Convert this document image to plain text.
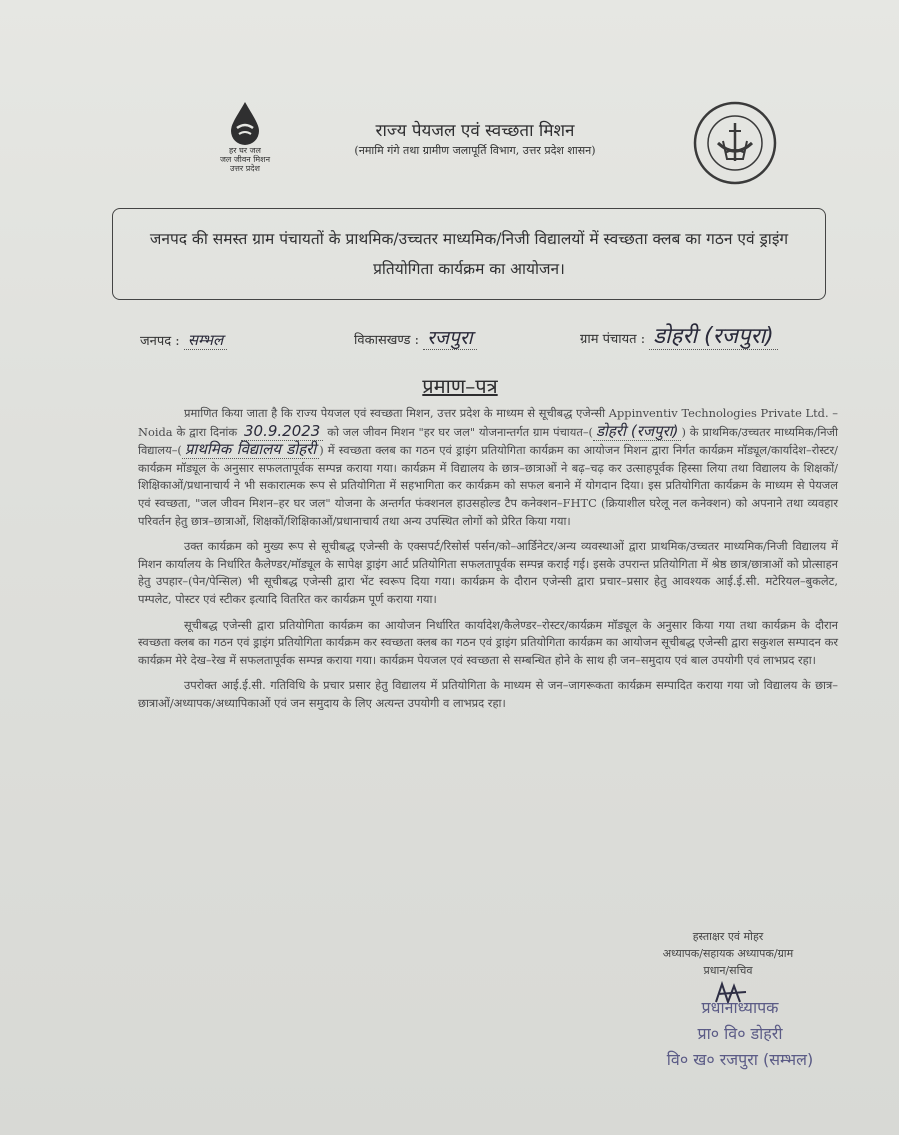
हर घर जल
जल जीवन मिशन
उत्तर प्रदेश
राज्य पेयजल एवं स्वच्छता मिशन
(नमामि गंगे तथा ग्रामीण जलापूर्ति विभाग, उत्तर प्रदेश शासन)
जनपद की समस्त ग्राम पंचायतों के प्राथमिक/उच्चतर माध्यमिक/निजी विद्यालयों में स्वच्छता क्लब का गठन एवं ड्राइंग प्रतियोगिता कार्यक्रम का आयोजन।
जनपद : सम्भल	विकासखण्ड : रजपुरा	ग्राम पंचायत : डोहरी (रजपुरा)
प्रमाण–पत्र

प्रमाणित किया जाता है कि राज्य पेयजल एवं स्वच्छता मिशन, उत्तर प्रदेश के माध्यम से सूचीबद्ध एजेन्सी Appinventiv Technologies Private Ltd. – Noida के द्वारा दिनांक 30.9.2023 को जल जीवन मिशन "हर घर जल" योजनान्तर्गत ग्राम पंचायत–( डोहरी (रजपुरा) ) के प्राथमिक/उच्चतर माध्यमिक/निजी विद्यालय–( प्राथमिक विद्यालय डोहरी ) में स्वच्छता क्लब का गठन एवं ड्राइंग प्रतियोगिता कार्यक्रम का आयोजन मिशन द्वारा निर्गत कार्यक्रम मॉड्यूल/कार्यादेश–रोस्टर/कार्यक्रम मॉड्यूल के अनुसार सफलतापूर्वक सम्पन्न कराया गया। कार्यक्रम में विद्यालय के छात्र–छात्राओं ने बढ़–चढ़ कर उत्साहपूर्वक हिस्सा लिया तथा विद्यालय के शिक्षकों/शिक्षिकाओं/प्रधानाचार्य ने भी सकारात्मक रूप से प्रतियोगिता में सहभागिता कर कार्यक्रम को सफल बनाने में योगदान दिया। इस प्रतियोगिता कार्यक्रम के माध्यम से पेयजल एवं स्वच्छता, "जल जीवन मिशन–हर घर जल" योजना के अन्तर्गत फंक्शनल हाउसहोल्ड टैप कनेक्शन–FHTC (क्रियाशील घरेलू नल कनेक्शन) को अपनाने तथा व्यवहार परिवर्तन हेतु छात्र–छात्राओं, शिक्षकों/शिक्षिकाओं/प्रधानाचार्य तथा अन्य उपस्थित लोगों को प्रेरित किया गया।

उक्त कार्यक्रम को मुख्य रूप से सूचीबद्ध एजेन्सी के एक्सपर्ट/रिसोर्स पर्सन/को–आर्डिनेटर/अन्य व्यवस्थाओं द्वारा प्राथमिक/उच्चतर माध्यमिक/निजी विद्यालय में मिशन कार्यालय के निर्धारित कैलेण्डर/मॉड्यूल के सापेक्ष ड्राइंग आर्ट प्रतियोगिता सफलतापूर्वक सम्पन्न कराई गई। इसके उपरान्त प्रतियोगिता में श्रेष्ठ छात्र/छात्राओं को प्रोत्साहन हेतु उपहार–(पेन/पेन्सिल) भी सूचीबद्ध एजेन्सी द्वारा भेंट स्वरूप दिया गया। कार्यक्रम के दौरान एजेन्सी द्वारा प्रचार–प्रसार हेतु आवश्यक आई.ई.सी. मटेरियल–बुकलेट, पम्पलेट, पोस्टर एवं स्टीकर इत्यादि वितरित कर कार्यक्रम पूर्ण कराया गया।

सूचीबद्ध एजेन्सी द्वारा प्रतियोगिता कार्यक्रम का आयोजन निर्धारित कार्यादेश/कैलेण्डर–रोस्टर/कार्यक्रम मॉड्यूल के अनुसार किया गया तथा कार्यक्रम के दौरान स्वच्छता क्लब का गठन एवं ड्राइंग प्रतियोगिता कार्यक्रम कर स्वच्छता क्लब का गठन एवं ड्राइंग प्रतियोगिता कार्यक्रम का आयोजन सूचीबद्ध एजेन्सी द्वारा सकुशल सम्पादन कर कार्यक्रम मेरे देख–रेख में सफलतापूर्वक सम्पन्न कराया गया। कार्यक्रम पेयजल एवं स्वच्छता से सम्बन्धित होने के साथ ही जन–समुदाय एवं बाल उपयोगी एवं लाभप्रद रहा।

उपरोक्त आई.ई.सी. गतिविधि के प्रचार प्रसार हेतु विद्यालय में प्रतियोगिता के माध्यम से जन–जागरूकता कार्यक्रम सम्पादित कराया गया जो विद्यालय के छात्र–छात्राओं/अध्यापक/अध्यापिकाओं एवं जन समुदाय के लिए अत्यन्त उपयोगी व लाभप्रद रहा।

हस्ताक्षर एवं मोहर
अध्यापक/सहायक अध्यापक/ग्राम
प्रधान/सचिव
प्रधानाध्यापक
प्रा० वि० डोहरी
वि० ख० रजपुरा (सम्भल)
